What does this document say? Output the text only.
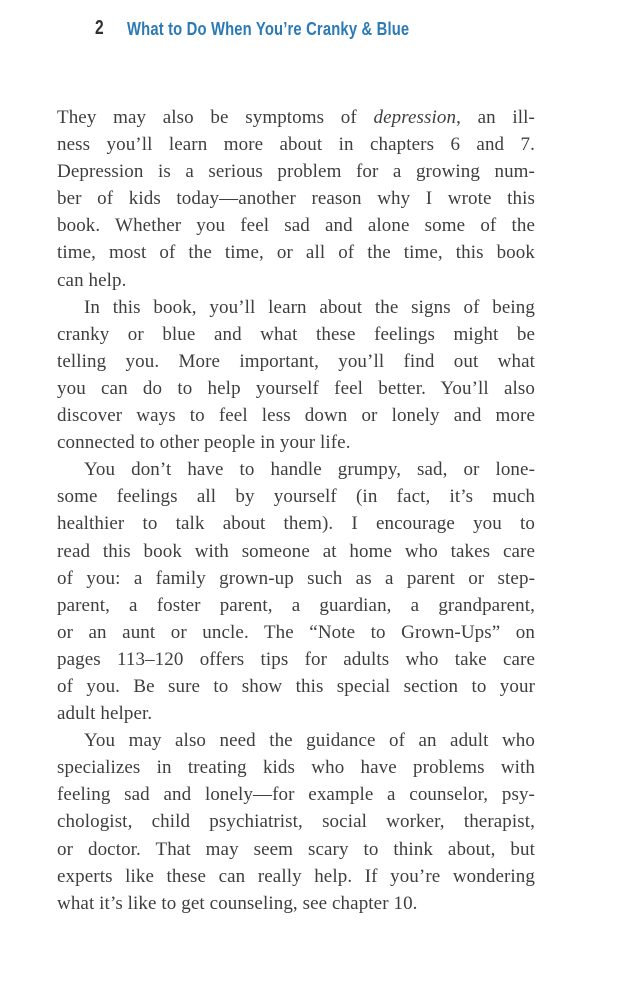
2 What to Do When You’re Cranky & Blue
They may also be symptoms of depression, an ill-
ness you’ll learn more about in chapters 6 and 7.
Depression is a serious problem for a growing num-
ber of kids today—another reason why I wrote this
book. Whether you feel sad and alone some of the
time, most of the time, or all of the time, this book
can help.
In this book, you’ll learn about the signs of being
cranky or blue and what these feelings might be
telling you. More important, you’ll find out what
you can do to help yourself feel better. You’ll also
discover ways to feel less down or lonely and more
connected to other people in your life.
You don’t have to handle grumpy, sad, or lone-
some feelings all by yourself (in fact, it’s much
healthier to talk about them). I encourage you to
read this book with someone at home who takes care
of you: a family grown-up such as a parent or step-
parent, a foster parent, a guardian, a grandparent,
or an aunt or uncle. The “Note to Grown-Ups” on
pages 113–120 offers tips for adults who take care
of you. Be sure to show this special section to your
adult helper.
You may also need the guidance of an adult who
specializes in treating kids who have problems with
feeling sad and lonely—for example a counselor, psy-
chologist, child psychiatrist, social worker, therapist,
or doctor. That may seem scary to think about, but
experts like these can really help. If you’re wondering
what it’s like to get counseling, see chapter 10.
